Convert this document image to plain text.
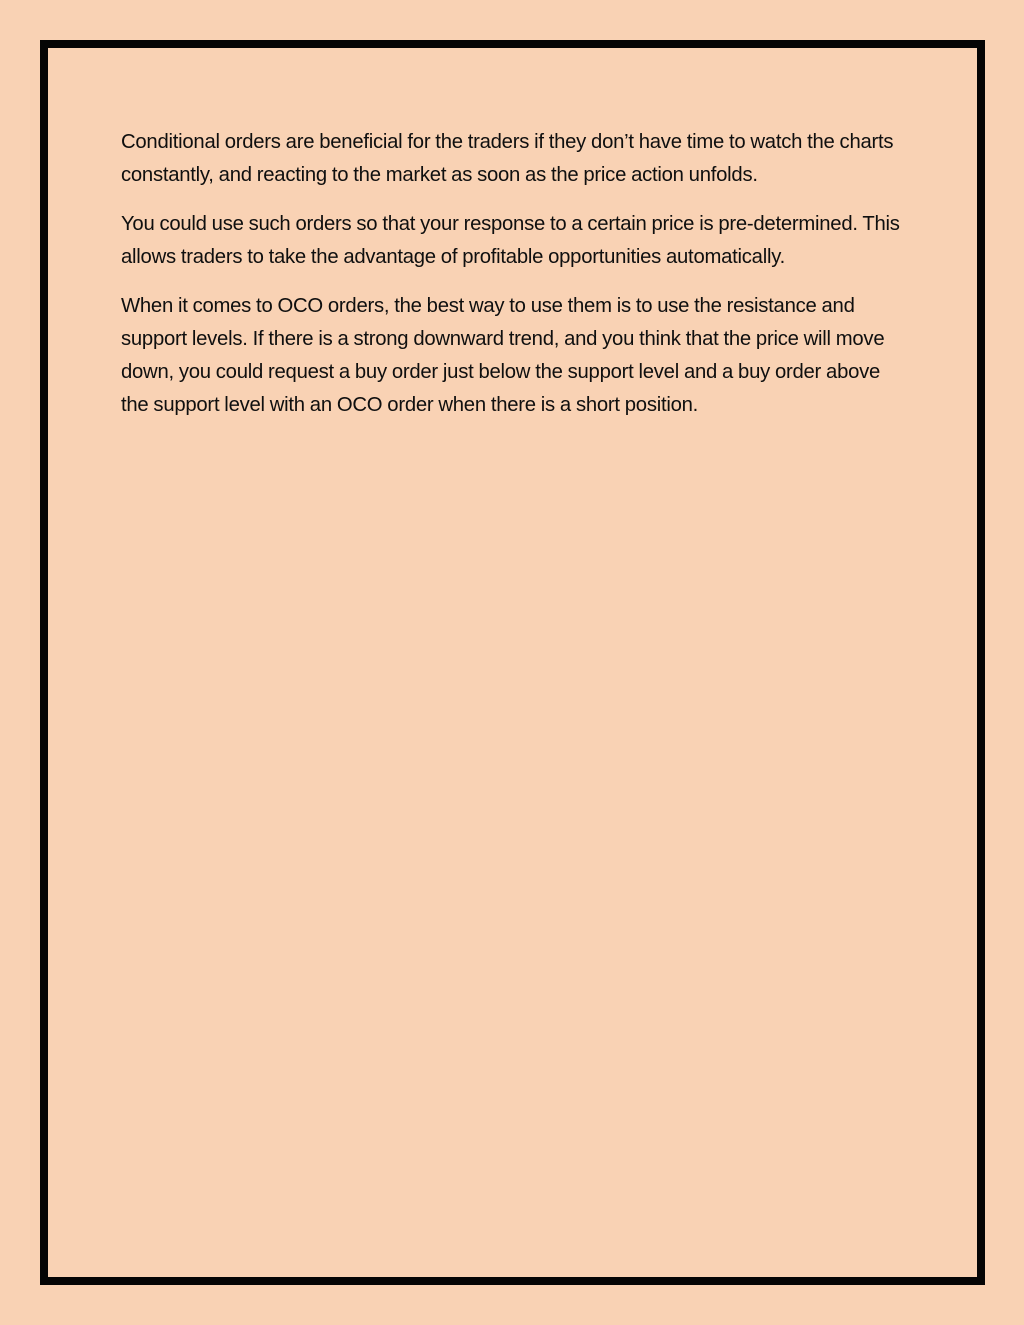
Conditional orders are beneficial for the traders if they don’t have time to watch the charts constantly, and reacting to the market as soon as the price action unfolds.

You could use such orders so that your response to a certain price is pre-determined. This allows traders to take the advantage of profitable opportunities automatically.

When it comes to OCO orders, the best way to use them is to use the resistance and support levels. If there is a strong downward trend, and you think that the price will move down, you could request a buy order just below the support level and a buy order above the support level with an OCO order when there is a short position.
